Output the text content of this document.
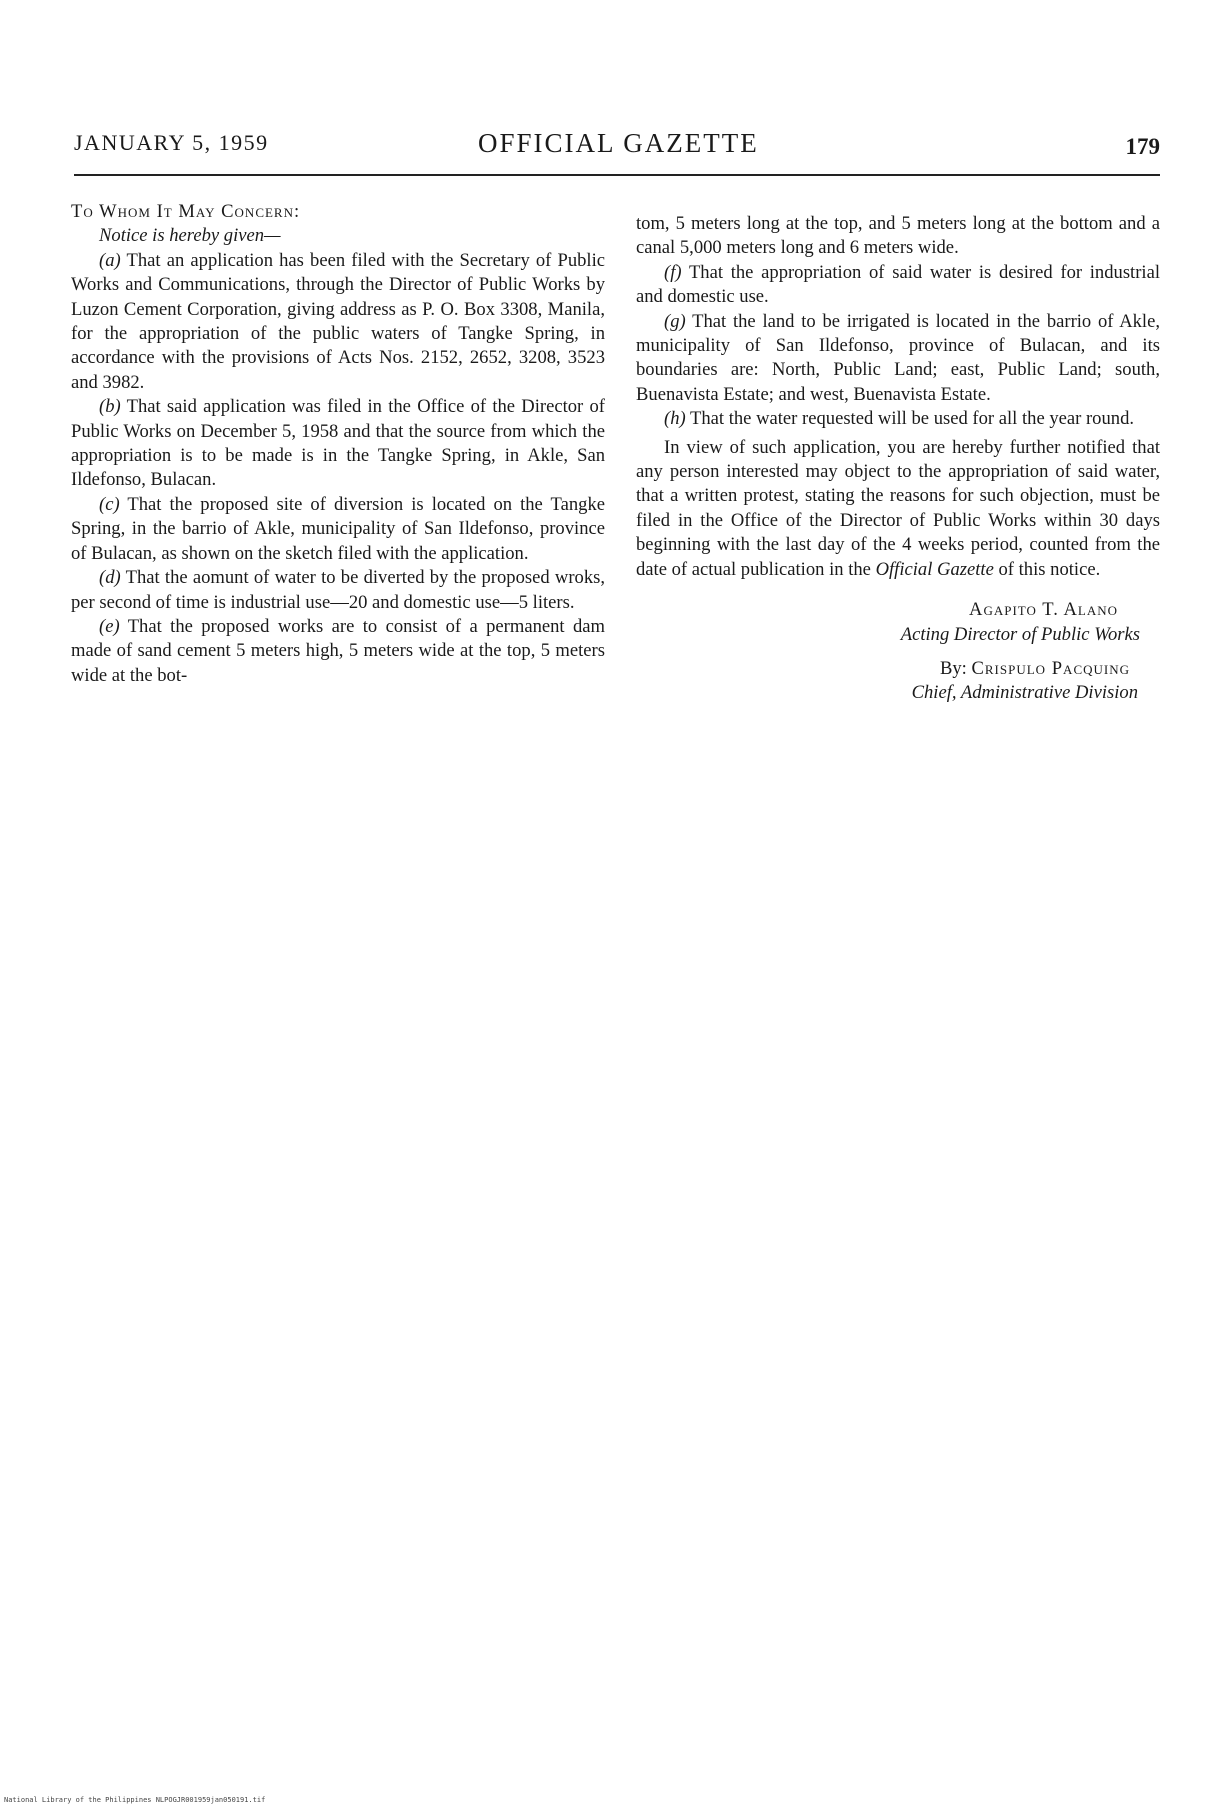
JANUARY 5, 1959	OFFICIAL GAZETTE	179

To Whom It May Concern:

Notice is hereby given—

(a) That an application has been filed with the Secretary of Public Works and Communications, through the Director of Public Works by Luzon Cement Corporation, giving address as P. O. Box 3308, Manila, for the appropriation of the public waters of Tangke Spring, in accordance with the provisions of Acts Nos. 2152, 2652, 3208, 3523 and 3982.

(b) That said application was filed in the Office of the Director of Public Works on December 5, 1958 and that the source from which the appropriation is to be made is in the Tangke Spring, in Akle, San Ildefonso, Bulacan.

(c) That the proposed site of diversion is located on the Tangke Spring, in the barrio of Akle, municipality of San Ildefonso, province of Bulacan, as shown on the sketch filed with the application.

(d) That the aomunt of water to be diverted by the proposed wroks, per second of time is industrial use—20 and domestic use—5 liters.

(e) That the proposed works are to consist of a permanent dam made of sand cement 5 meters high, 5 meters wide at the top, 5 meters wide at the bot-

tom, 5 meters long at the top, and 5 meters long at the bottom and a canal 5,000 meters long and 6 meters wide.

(f) That the appropriation of said water is desired for industrial and domestic use.

(g) That the land to be irrigated is located in the barrio of Akle, municipality of San Ildefonso, province of Bulacan, and its boundaries are: North, Public Land; east, Public Land; south, Buenavista Estate; and west, Buenavista Estate.

(h) That the water requested will be used for all the year round.

In view of such application, you are hereby further notified that any person interested may object to the appropriation of said water, that a written protest, stating the reasons for such objection, must be filed in the Office of the Director of Public Works within 30 days beginning with the last day of the 4 weeks period, counted from the date of actual publication in the Official Gazette of this notice.

Agapito T. Alano
Acting Director of Public Works
By: Crispulo Pacquing
Chief, Administrative Division
National Library of the Philippines NLPOGJR001959jan050191.tif
